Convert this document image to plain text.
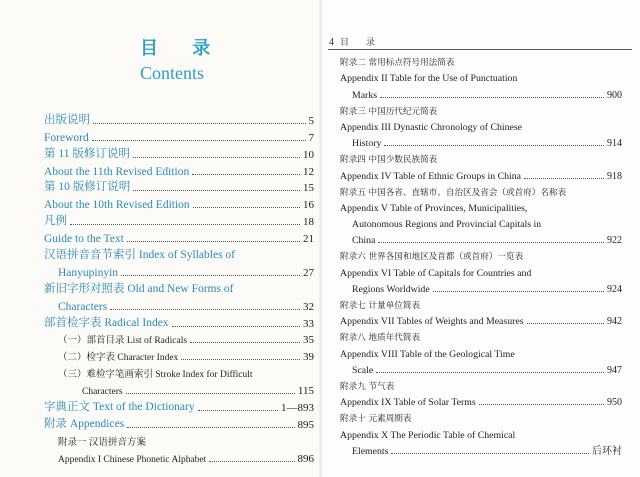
目 录
Contents
出版说明	5
Foreword	7
第 11 版修订说明	10
About the 11th Revised Edition	12
第 10 版修订说明	15
About the 10th Revised Edition	16
凡例	18
Guide to the Text	21
汉语拼音音节索引 Index of Syllables of
Hanyupinyin	27
新旧字形对照表 Old and New Forms of
Characters	32
部首检字表 Radical Index	33
（一）部首目录 List of Radicals	35
（二）检字表 Character Index	39
（三）难检字笔画索引 Stroke Index for Difficult
Characters	115
字典正文 Text of the Dictionary	1—893
附录 Appendices	895
附录一 汉语拼音方案
Appendix I Chinese Phonetic Alphabet	896
4 目 录
附录二 常用标点符号用法简表
Appendix II Table for the Use of Punctuation
Marks	900
附录三 中国历代纪元简表
Appendix III Dynastic Chronology of Chinese
History	914
附录四 中国少数民族简表
Appendix IV Table of Ethnic Groups in China	918
附录五 中国各省、直辖市、自治区及省会（或首府）名称表
Appendix V Table of Provinces, Municipalities,
Autonomous Regions and Provincial Capitals in
China	922
附录六 世界各国和地区及首都（或首府）一览表
Appendix VI Table of Capitals for Countries and
Regions Worldwide	924
附录七 计量单位简表
Appendix VII Tables of Weights and Measures	942
附录八 地质年代简表
Appendix VIII Table of the Geological Time
Scale	947
附录九 节气表
Appendix IX Table of Solar Terms	950
附录十 元素周期表
Appendix X The Periodic Table of Chemical
Elements	后环衬
